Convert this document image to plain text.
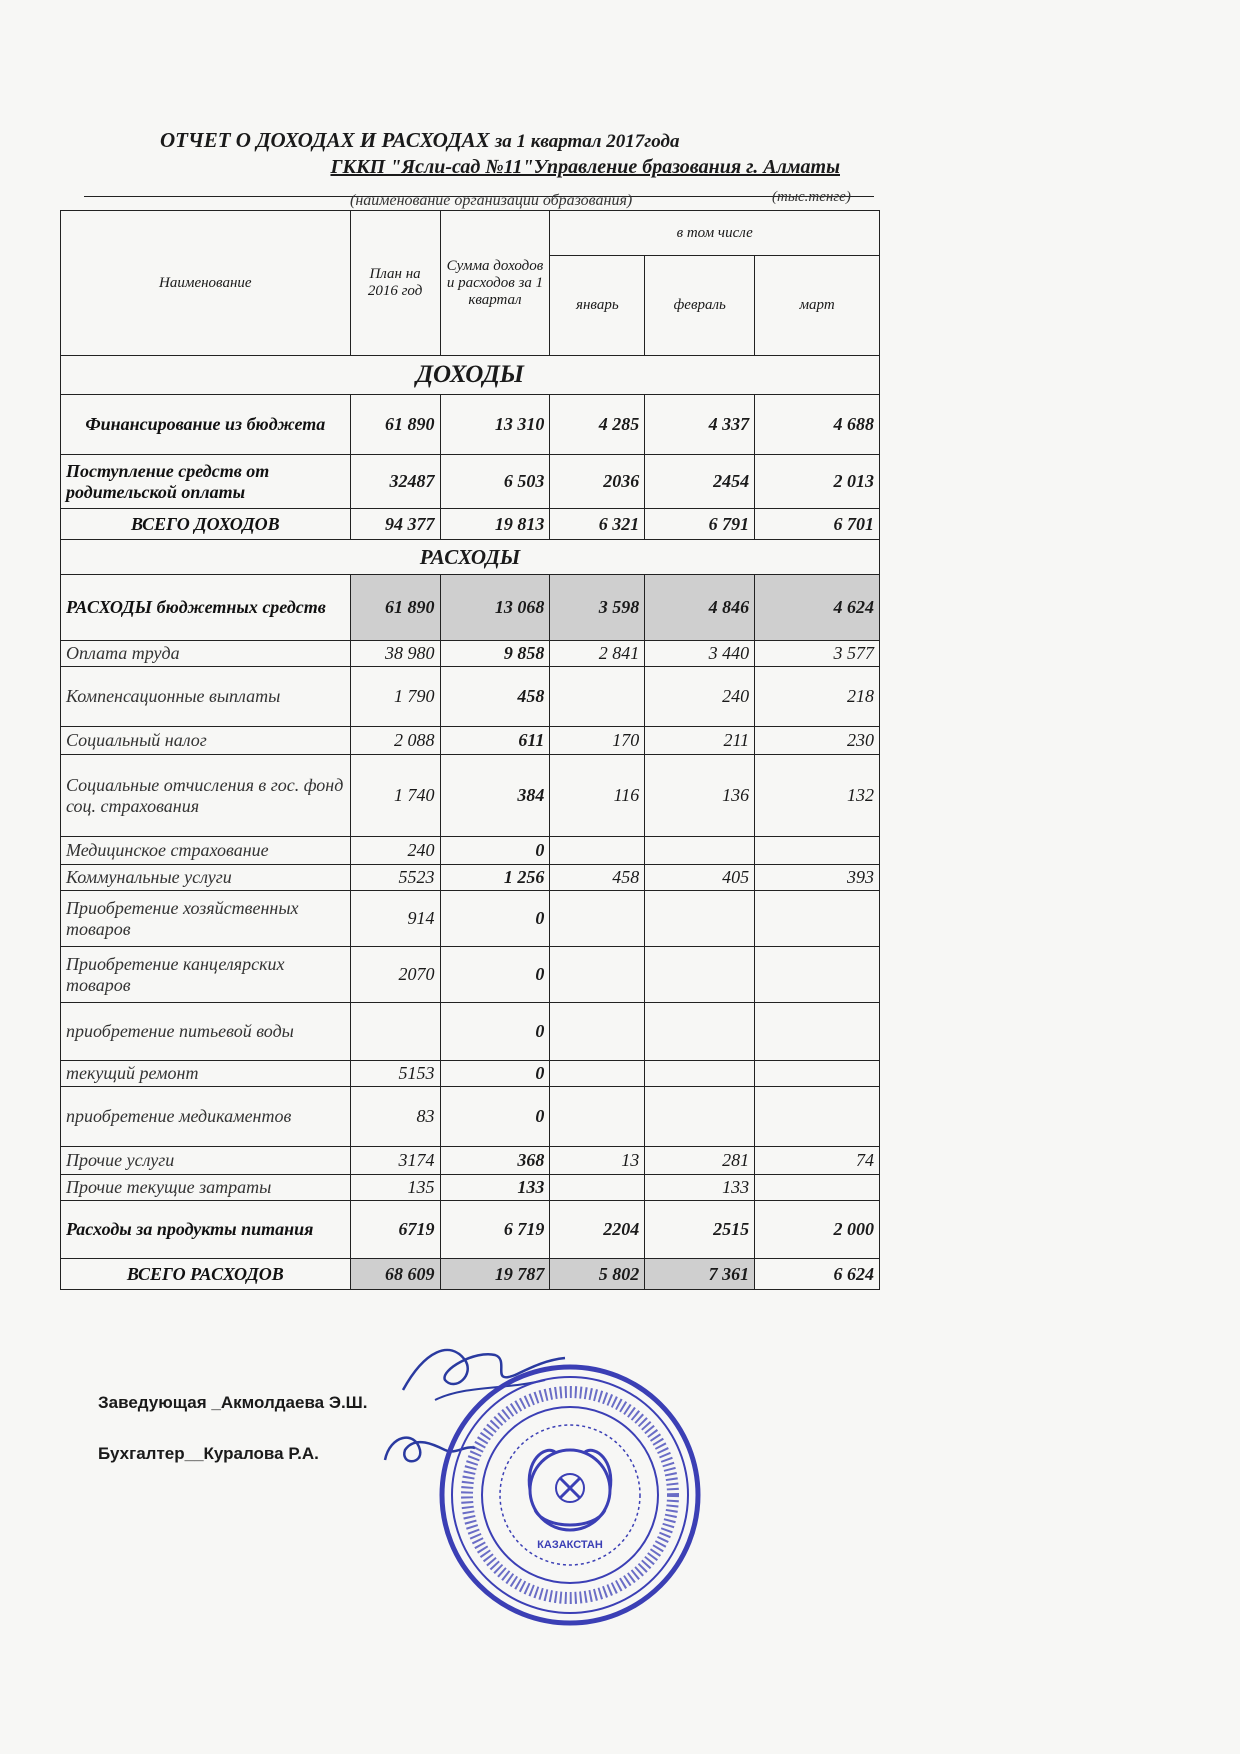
ОТЧЕТ О ДОХОДАХ И РАСХОДАХ за 1 квартал 2017года
ГККП "Ясли-сад №11"Управление бразования г. Алматы
(наименование организации образования)	(тыс.тенге)
Наименование	План на 2016 год	Сумма доходов и расходов за 1 квартал	в том числе		
			январь	февраль	март
ДОХОДЫ					
Финансирование из бюджета	61 890	13 310	4 285	4 337	4 688
Поступление средств от родительской оплаты	32487	6 503	2036	2454	2 013
ВСЕГО ДОХОДОВ	94 377	19 813	6 321	6 791	6 701
РАСХОДЫ					
РАСХОДЫ бюджетных средств	61 890	13 068	3 598	4 846	4 624
Оплата труда	38 980	9 858	2 841	3 440	3 577
Компенсационные выплаты	1 790	458		240	218
Социальный налог	2 088	611	170	211	230
Социальные отчисления в гос. фонд соц. страхования	1 740	384	116	136	132
Медицинское страхование	240	0			
Коммунальные услуги	5523	1 256	458	405	393
Приобретение хозяйственных товаров	914	0			
Приобретение канцелярских товаров	2070	0			
приобретение питьевой воды		0			
текущий ремонт	5153	0			
приобретение медикаментов	83	0			
Прочие услуги	3174	368	13	281	74
Прочие текущие затраты	135	133		133	
Расходы за продукты питания	6719	6 719	2204	2515	2 000
ВСЕГО РАСХОДОВ	68 609	19 787	5 802	7 361	6 624
Заведующая _Акмолдаева Э.Ш.
Бухгалтер__Куралова Р.А.
КАЗАКСТАН
